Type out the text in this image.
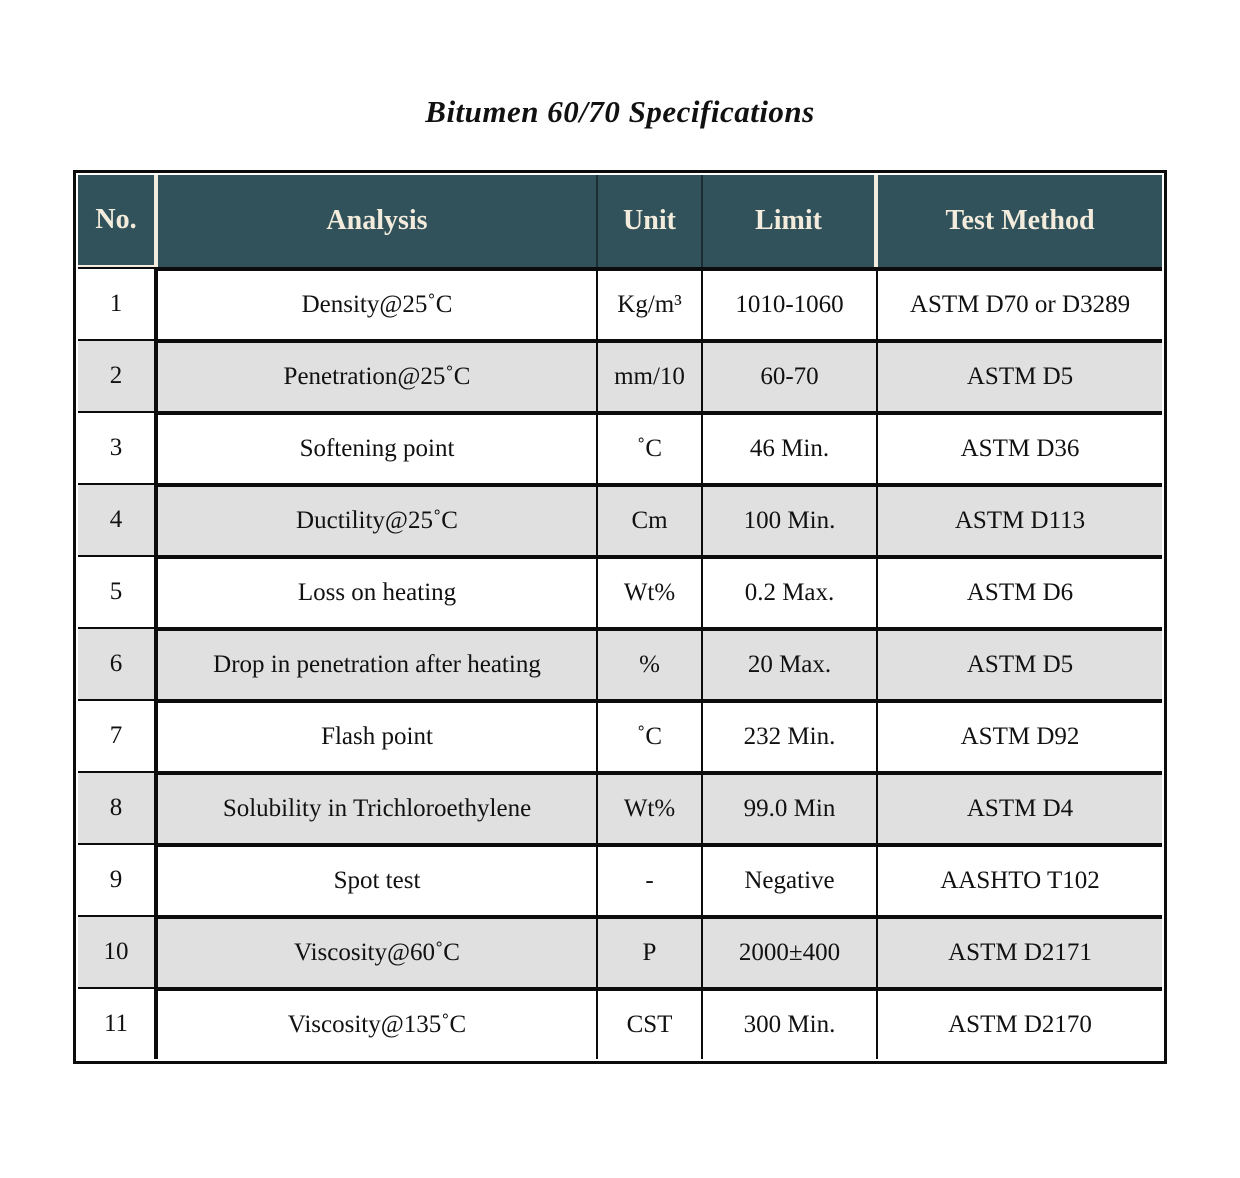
Bitumen 60/70 Specifications
No.	Analysis	Unit	Limit	Test Method
1	Density@25˚C	Kg/m³	1010-1060	ASTM D70 or D3289
2	Penetration@25˚C	mm/10	60-70	ASTM D5
3	Softening point	˚C	46 Min.	ASTM D36
4	Ductility@25˚C	Cm	100 Min.	ASTM D113
5	Loss on heating	Wt%	0.2 Max.	ASTM D6
6	Drop in penetration after heating	%	20 Max.	ASTM D5
7	Flash point	˚C	232 Min.	ASTM D92
8	Solubility in Trichloroethylene	Wt%	99.0 Min	ASTM D4
9	Spot test	-	Negative	AASHTO T102
10	Viscosity@60˚C	P	2000±400	ASTM D2171
11	Viscosity@135˚C	CST	300 Min.	ASTM D2170
